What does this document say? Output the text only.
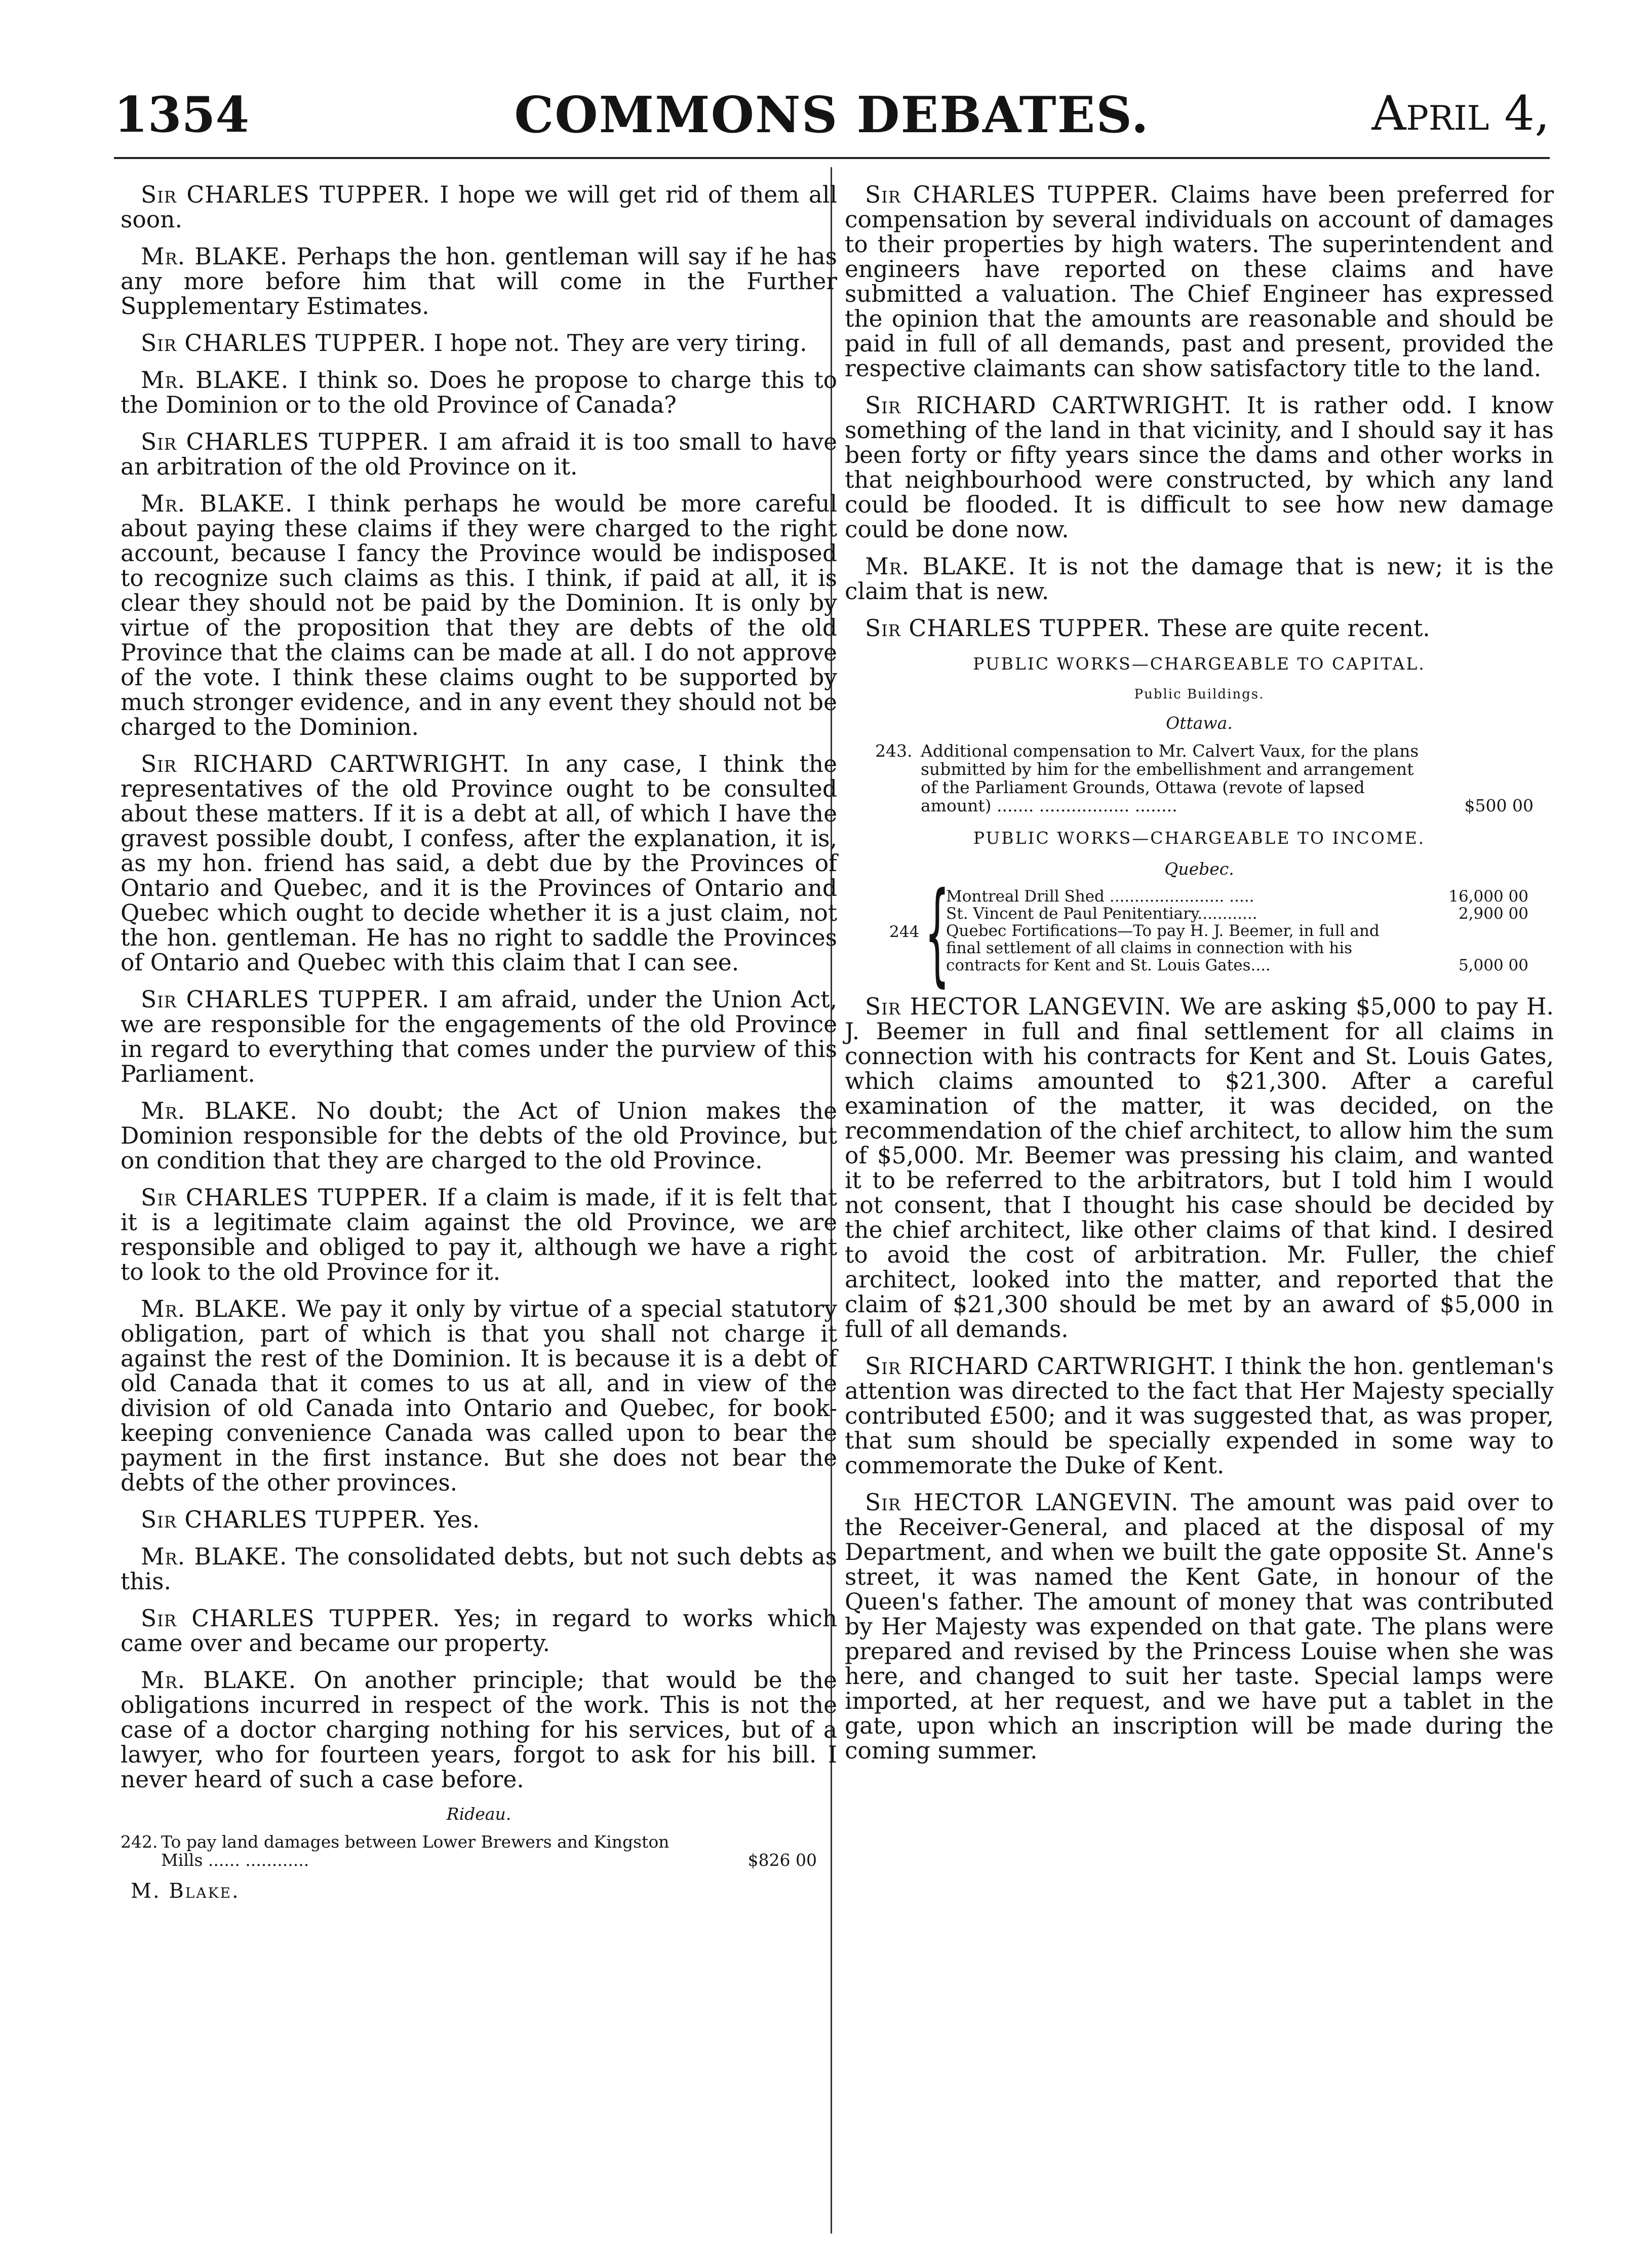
1354	COMMONS DEBATES.	April 4,

Sir CHARLES TUPPER. I hope we will get rid of them all soon.

Mr. BLAKE. Perhaps the hon. gentleman will say if he has any more before him that will come in the Further Supplementary Estimates.

Sir CHARLES TUPPER. I hope not. They are very tiring.

Mr. BLAKE. I think so. Does he propose to charge this to the Dominion or to the old Province of Canada?

Sir CHARLES TUPPER. I am afraid it is too small to have an arbitration of the old Province on it.

Mr. BLAKE. I think perhaps he would be more careful about paying these claims if they were charged to the right account, because I fancy the Province would be indisposed to recognize such claims as this. I think, if paid at all, it is clear they should not be paid by the Dominion. It is only by virtue of the proposition that they are debts of the old Province that the claims can be made at all. I do not approve of the vote. I think these claims ought to be supported by much stronger evidence, and in any event they should not be charged to the Dominion.

Sir RICHARD CARTWRIGHT. In any case, I think the representatives of the old Province ought to be consulted about these matters. If it is a debt at all, of which I have the gravest possible doubt, I confess, after the explanation, it is, as my hon. friend has said, a debt due by the Provinces of Ontario and Quebec, and it is the Provinces of Ontario and Quebec which ought to decide whether it is a just claim, not the hon. gentleman. He has no right to saddle the Provinces of Ontario and Quebec with this claim that I can see.

Sir CHARLES TUPPER. I am afraid, under the Union Act, we are responsible for the engagements of the old Province in regard to everything that comes under the purview of this Parliament.

Mr. BLAKE. No doubt; the Act of Union makes the Dominion responsible for the debts of the old Province, but on condition that they are charged to the old Province.

Sir CHARLES TUPPER. If a claim is made, if it is felt that it is a legitimate claim against the old Province, we are responsible and obliged to pay it, although we have a right to look to the old Province for it.

Mr. BLAKE. We pay it only by virtue of a special statutory obligation, part of which is that you shall not charge it against the rest of the Dominion. It is because it is a debt of old Canada that it comes to us at all, and in view of the division of old Canada into Ontario and Quebec, for book-keeping convenience Canada was called upon to bear the payment in the first instance. But she does not bear the debts of the other provinces.

Sir CHARLES TUPPER. Yes.

Mr. BLAKE. The consolidated debts, but not such debts as this.

Sir CHARLES TUPPER. Yes; in regard to works which came over and became our property.

Mr. BLAKE. On another principle; that would be the obligations incurred in respect of the work. This is not the case of a doctor charging nothing for his services, but of a lawyer, who for fourteen years, forgot to ask for his bill. I never heard of such a case before.

Rideau.
242. To pay land damages between Lower Brewers and Kingston Mills ...... ............	$826 00
M. Blake.

Sir CHARLES TUPPER. Claims have been preferred for compensation by several individuals on account of damages to their properties by high waters. The superintendent and engineers have reported on these claims and have submitted a valuation. The Chief Engineer has expressed the opinion that the amounts are reasonable and should be paid in full of all demands, past and present, provided the respective claimants can show satisfactory title to the land.

Sir RICHARD CARTWRIGHT. It is rather odd. I know something of the land in that vicinity, and I should say it has been forty or fifty years since the dams and other works in that neighbourhood were constructed, by which any land could be flooded. It is difficult to see how new damage could be done now.

Mr. BLAKE. It is not the damage that is new; it is the claim that is new.

Sir CHARLES TUPPER. These are quite recent.

PUBLIC WORKS—CHARGEABLE TO CAPITAL.
Public Buildings.
Ottawa.
243. Additional compensation to Mr. Calvert Vaux, for the plans submitted by him for the embellishment and arrangement of the Parliament Grounds, Ottawa (revote of lapsed amount) ....... ................. ........	$500 00
PUBLIC WORKS—CHARGEABLE TO INCOME.
Quebec.
244 {
Montreal Drill Shed ....................... .....	16,000 00
St. Vincent de Paul Penitentiary............	2,900 00
Quebec Fortifications—To pay H. J. Beemer, in full and final settlement of all claims in connection with his contracts for Kent and St. Louis Gates....	5,000 00

Sir HECTOR LANGEVIN. We are asking $5,000 to pay H. J. Beemer in full and final settlement for all claims in connection with his contracts for Kent and St. Louis Gates, which claims amounted to $21,300. After a careful examination of the matter, it was decided, on the recommendation of the chief architect, to allow him the sum of $5,000. Mr. Beemer was pressing his claim, and wanted it to be referred to the arbitrators, but I told him I would not consent, that I thought his case should be decided by the chief architect, like other claims of that kind. I desired to avoid the cost of arbitration. Mr. Fuller, the chief architect, looked into the matter, and reported that the claim of $21,300 should be met by an award of $5,000 in full of all demands.

Sir RICHARD CARTWRIGHT. I think the hon. gentleman's attention was directed to the fact that Her Majesty specially contributed £500; and it was suggested that, as was proper, that sum should be specially expended in some way to commemorate the Duke of Kent.

Sir HECTOR LANGEVIN. The amount was paid over to the Receiver-General, and placed at the disposal of my Department, and when we built the gate opposite St. Anne's street, it was named the Kent Gate, in honour of the Queen's father. The amount of money that was contributed by Her Majesty was expended on that gate. The plans were prepared and revised by the Princess Louise when she was here, and changed to suit her taste. Special lamps were imported, at her request, and we have put a tablet in the gate, upon which an inscription will be made during the coming summer.
